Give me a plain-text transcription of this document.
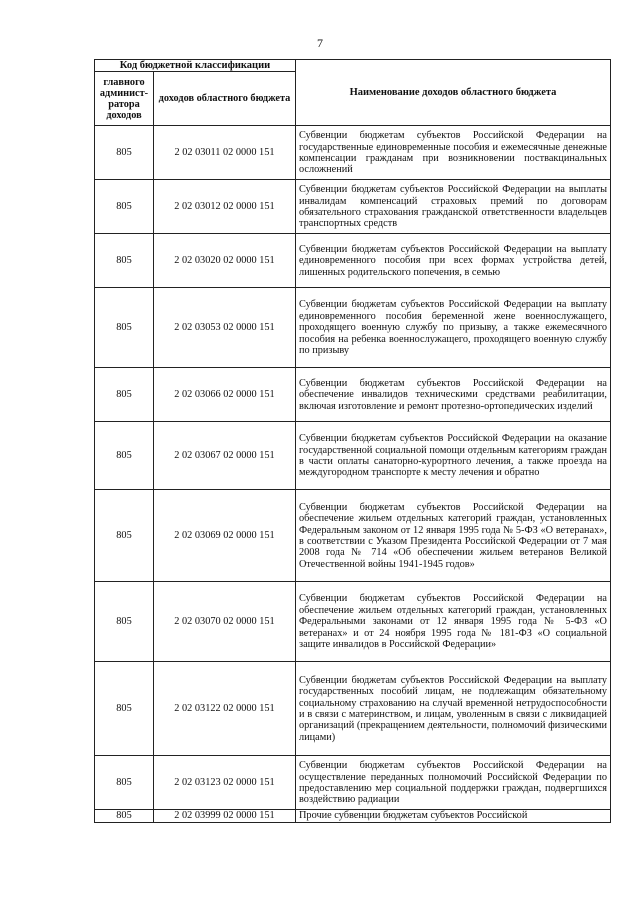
7
Код бюджетной классификации		Наименование доходов областного бюджета
главного админист-ратора доходов	доходов областного бюджета	
805	2 02 03011 02 0000 151	Субвенции бюджетам субъектов Российской Федерации на государственные единовременные пособия и ежемесячные денежные компенсации гражданам при возникновении поствакцинальных осложнений
805	2 02 03012 02 0000 151	Субвенции бюджетам субъектов Российской Федерации на выплаты инвалидам компенсаций страховых премий по договорам обязательного страхования гражданской ответственности владельцев транспортных средств
805	2 02 03020 02 0000 151	Субвенции бюджетам субъектов Российской Федерации на выплату единовременного пособия при всех формах устройства детей, лишенных родительского попечения, в семью
805	2 02 03053 02 0000 151	Субвенции бюджетам субъектов Российской Федерации на выплату единовременного пособия беременной жене военнослужащего, проходящего военную службу по призыву, а также ежемесячного пособия на ребенка военнослужащего, проходящего военную службу по призыву
805	2 02 03066 02 0000 151	Субвенции бюджетам субъектов Российской Федерации на обеспечение инвалидов техническими средствами реабилитации, включая изготовление и ремонт протезно-ортопедических изделий
805	2 02 03067 02 0000 151	Субвенции бюджетам субъектов Российской Федерации на оказание государственной социальной помощи отдельным категориям граждан в части оплаты санаторно-курортного лечения, а также проезда на междугородном транспорте к месту лечения и обратно
805	2 02 03069 02 0000 151	Субвенции бюджетам субъектов Российской Федерации на обеспечение жильем отдельных категорий граждан, установленных Федеральным законом от 12 января 1995 года № 5-ФЗ «О ветеранах», в соответствии с Указом Президента Российской Федерации от 7 мая 2008 года № 714 «Об обеспечении жильем ветеранов Великой Отечественной войны 1941-1945 годов»
805	2 02 03070 02 0000 151	Субвенции бюджетам субъектов Российской Федерации на обеспечение жильем отдельных категорий граждан, установленных Федеральными законами от 12 января 1995 года № 5-ФЗ «О ветеранах» и от 24 ноября 1995 года № 181-ФЗ «О социальной защите инвалидов в Российской Федерации»
805	2 02 03122 02 0000 151	Субвенции бюджетам субъектов Российской Федерации на выплату государственных пособий лицам, не подлежащим обязательному социальному страхованию на случай временной нетрудоспособности и в связи с материнством, и лицам, уволенным в связи с ликвидацией организаций (прекращением деятельности, полномочий физическими лицами)
805	2 02 03123 02 0000 151	Субвенции бюджетам субъектов Российской Федерации на осуществление переданных полномочий Российской Федерации по предоставлению мер социальной поддержки граждан, подвергшихся воздействию радиации
805	2 02 03999 02 0000 151	Прочие субвенции бюджетам субъектов Российской
